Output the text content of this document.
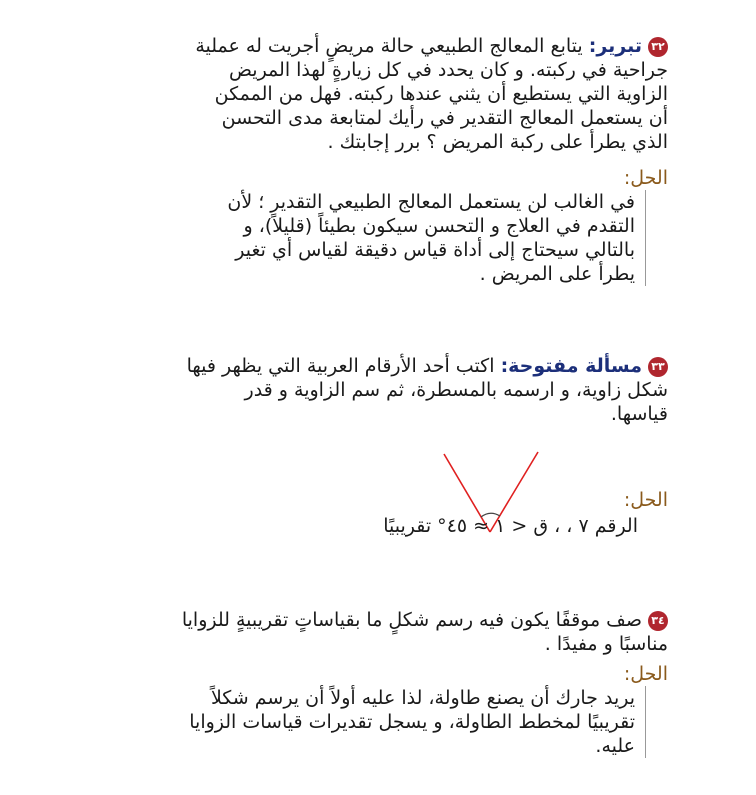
٣٢تبرير: يتابع المعالج الطبيعي حالة مريضٍ أجريت له عملية
جراحية في ركبته. و كان يحدد في كل زيارةٍ لهذا المريض
الزاوية التي يستطيع أن يثني عندها ركبته. فهل من الممكن
أن يستعمل المعالج التقدير في رأيك لمتابعة مدى التحسن
الذي يطرأ على ركبة المريض ؟ برر إجابتك .
الحل:
في الغالب لن يستعمل المعالج الطبيعي التقدير ؛ لأن
التقدم في العلاج و التحسن سيكون بطيئاً (قليلاً)، و
بالتالي سيحتاج إلى أداة قياس دقيقة لقياس أي تغير
يطرأ على المريض .
٣٣مسألة مفتوحة: اكتب أحد الأرقام العربية التي يظهر فيها
شكل زاوية، و ارسمه بالمسطرة، ثم سم الزاوية و قدر
قياسها.
الحل:
الرقم ٧ ، ، ق < ١ ≈ ٤٥° تقريبيًا
٣٤صف موقفًا يكون فيه رسم شكلٍ ما بقياساتٍ تقريبيةٍ للزوايا
مناسبًا و مفيدًا .
الحل:
يريد جارك أن يصنع طاولة، لذا عليه أولاً أن يرسم شكلاً
تقريبيًا لمخطط الطاولة، و يسجل تقديرات قياسات الزوايا
عليه.
